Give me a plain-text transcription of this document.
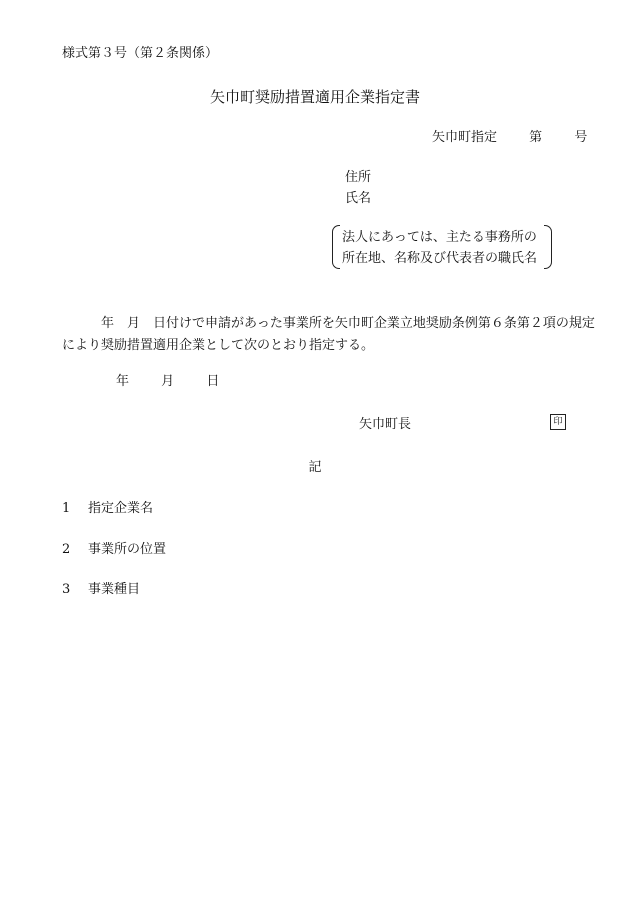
様式第３号（第２条関係）
矢巾町奨励措置適用企業指定書
矢巾町指定 第 号
住所
氏名
法人にあっては、主たる事務所の
所在地、名称及び代表者の職氏名
年　月　日付けで申請があった事業所を矢巾町企業立地奨励条例第６条第２項の規定により奨励措置適用企業として次のとおり指定する。
年 月 日
矢巾町長	印
記
1 指定企業名
2 事業所の位置
3 事業種目
